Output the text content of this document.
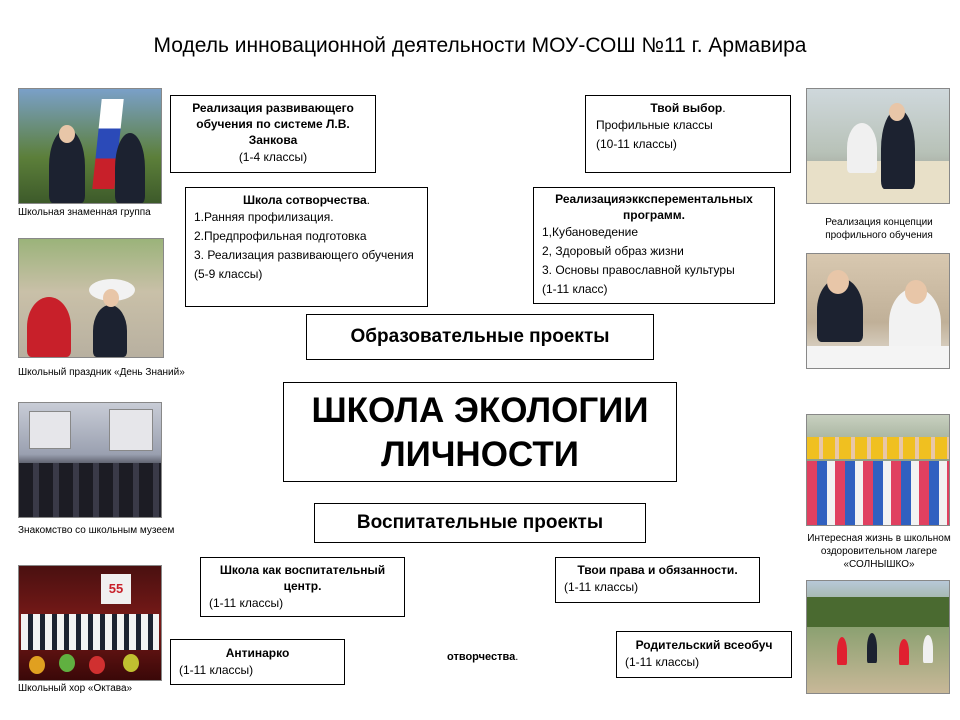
Модель инновационной деятельности МОУ-СОШ №11 г. Армавира
Школьная знаменная группа
Школьный праздник «День Знаний»
Знакомство со школьным музеем
55
Школьный хор «Октава»
Реализация концепции профильного обучения
Интересная жизнь в школьном оздоровительном лагере «СОЛНЫШКО»
Реализация развивающего обучения по системе Л.В. Занкова
(1-4 классы)
Твой выбор.
Профильные классы
(10-11 классы)
Школа сотворчества.
1.Ранняя профилизация.
2.Предпрофильная подготовка
3. Реализация развивающего обучения (5-9 классы)
Реализацияэкксперементальных программ.
1,Кубановедение
2, Здоровый образ жизни
3. Основы православной культуры
(1-11 класс)
Образовательные проекты
ШКОЛА ЭКОЛОГИИ
ЛИЧНОСТИ
Воспитательные проекты
Школа как воспитательный центр.
(1-11 классы)
Твои права и обязанности.
(1-11 классы)
Антинарко
(1-11 классы)
Родительский всеобуч
(1-11 классы)
отворчества.
